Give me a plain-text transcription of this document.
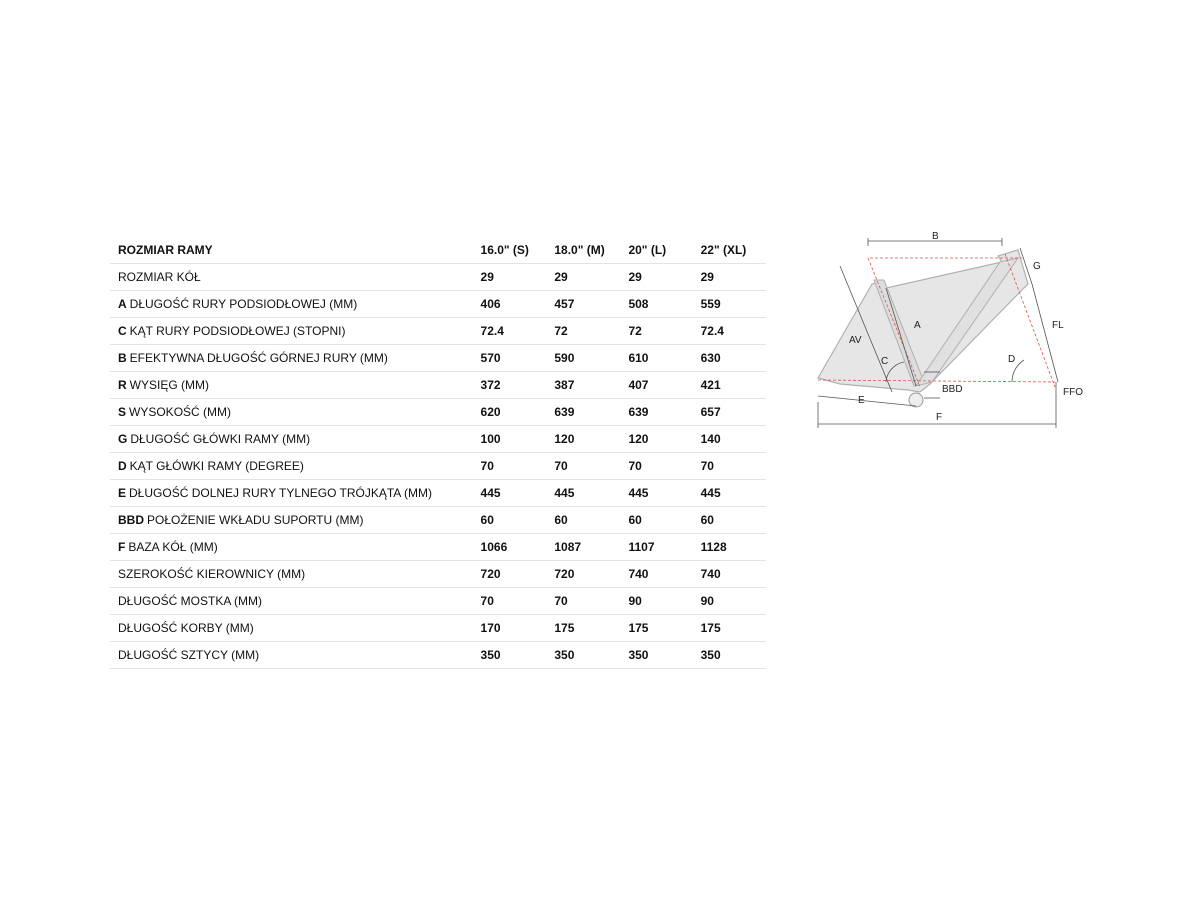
ROZMIAR RAMY	16.0" (S)	18.0" (M)	20" (L)	22" (XL)
ROZMIAR KÓŁ	29	29	29	29
A DŁUGOŚĆ RURY PODSIODŁOWEJ (MM)	406	457	508	559
C KĄT RURY PODSIODŁOWEJ (STOPNI)	72.4	72	72	72.4
B EFEKTYWNA DŁUGOŚĆ GÓRNEJ RURY (MM)	570	590	610	630
R WYSIĘG (MM)	372	387	407	421
S WYSOKOŚĆ (MM)	620	639	639	657
G DŁUGOŚĆ GŁÓWKI RAMY (MM)	100	120	120	140
D KĄT GŁÓWKI RAMY (DEGREE)	70	70	70	70
E DŁUGOŚĆ DOLNEJ RURY TYLNEGO TRÓJKĄTA (MM)	445	445	445	445
BBD POŁOŻENIE WKŁADU SUPORTU (MM)	60	60	60	60
F BAZA KÓŁ (MM)	1066	1087	1107	1128
SZEROKOŚĆ KIEROWNICY (MM)	720	720	740	740
DŁUGOŚĆ MOSTKA (MM)	70	70	90	90
DŁUGOŚĆ KORBY (MM)	170	175	175	175
DŁUGOŚĆ SZTYCY (MM)	350	350	350	350
B
G
FL
A
AV
C	D
BBD	FFO
E
F
